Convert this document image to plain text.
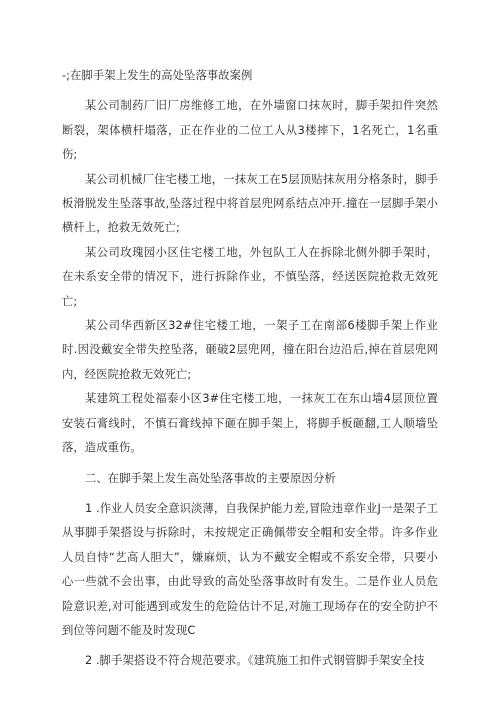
-;在脚手架上发生的高处坠落事故案例

某公司制药厂旧厂房维修工地，在外墙窗口抹灰时，脚手架扣件突然断裂，架体横杆塌落，正在作业的二位工人从3楼摔下，1名死亡，1名重伤;

某公司机械厂住宅楼工地，一抹灰工在5层顶贴抹灰用分格条时，脚手板滑脱发生坠落事故,坠落过程中将首层兜网系结点冲开.撞在一层脚手架小横杆上，抢救无效死亡;

某公司玫瑰园小区住宅楼工地，外包队工人在拆除北侧外脚手架时，在未系安全带的情况下，进行拆除作业，不慎坠落，经送医院抢救无效死亡;

某公司华西新区32#住宅楼工地，一架子工在南部6楼脚手架上作业时.因没戴安全带失控坠落，砸破2层兜网，撞在阳台边沿后,掉在首层兜网内，经医院抢救无效死亡;

某建筑工程处福泰小区3#住宅楼工地，一抹灰工在东山墙4层顶位置安装石膏线时，不慎石膏线掉下砸在脚手架上，将脚手板砸翻,工人顺墙坠落，造成重伤。

二、在脚手架上发生高处坠落事故的主要原因分析

1 .作业人员安全意识淡薄，自我保护能力差,冒险违章作业J一是架子工从事脚手架搭设与拆除时，未按规定正确佩带安全帽和安全带。许多作业人员自恃“艺高人胆大”，嫌麻烦，认为不戴安全帽或不系安全带，只要小心一些就不会出事，由此导致的高处坠落事故时有发生。二是作业人员危险意识差,对可能遇到或发生的危险估计不足,对施工现场存在的安全防护不到位等问题不能及时发现C

2 .脚手架搭设不符合规范要求。《建筑施工扣件式钢管脚手架安全技
